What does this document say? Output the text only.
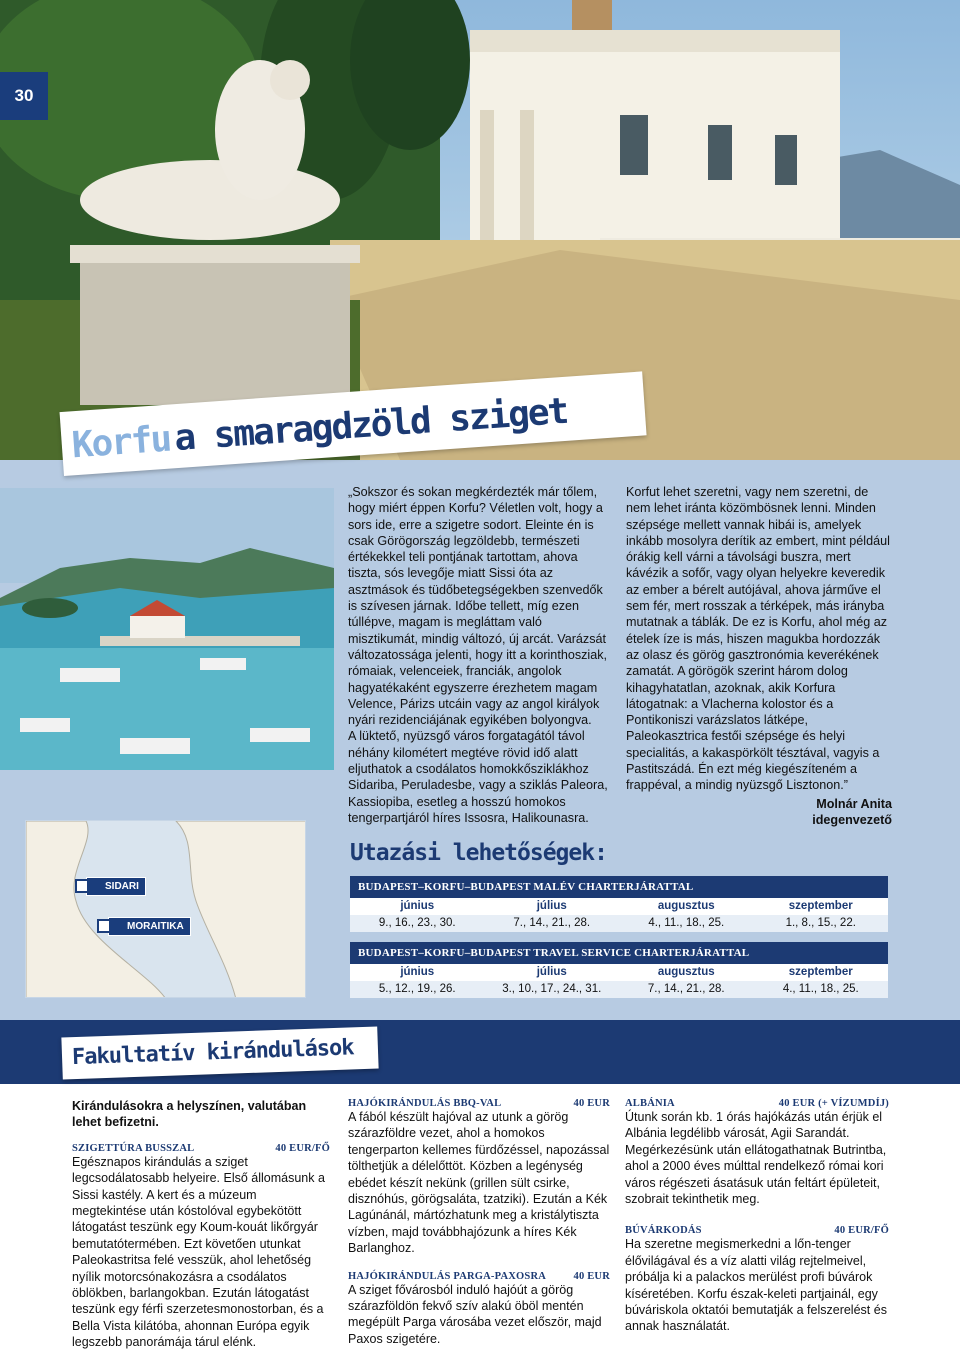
30
Korfu a smaragdzöld sziget

„Sokszor és sokan megkérdezték már tőlem, hogy miért éppen Korfu? Véletlen volt, hogy a sors ide, erre a szigetre sodort. Eleinte én is csak Görögország legzöldebb, természeti értékekkel teli pontjának tartottam, ahova tiszta, sós levegője miatt Sissi óta az asztmások és tüdőbetegségekben szenvedők is szívesen járnak. Időbe tellett, míg ezen túllépve, magam is megláttam való misztikumát, mindig változó, új arcát. Varázsát változatossága jelenti, hogy itt a korinthosziak, rómaiak, velenceiek, franciák, angolok hagyatékaként egyszerre érezhetem magam Velence, Párizs utcáin vagy az angol királyok nyári rezidenciájának egyikében bolyongva.

A lüktető, nyüzsgő város forgatagától távol néhány kilométert megtéve rövid idő alatt eljuthatok a csodálatos homokkősziklákhoz Sidariba, Peruladesbe, vagy a sziklás Paleora, Kassiopiba, esetleg a hosszú homokos tengerpartjáról híres Issosra, Halikounasra.

Korfut lehet szeretni, vagy nem szeretni, de nem lehet iránta közömbösnek lenni. Minden szépsége mellett vannak hibái is, amelyek inkább mosolyra derítik az embert, mint például órákig kell várni a távolsági buszra, mert kávézik a sofőr, vagy olyan helyekre keveredik az ember a bérelt autójával, ahova járműve el sem fér, mert rosszak a térképek, más irányba mutatnak a táblák. De ez is Korfu, ahol még az ételek íze is más, hiszen magukba hordozzák az olasz és görög gasztronómia keverékének zamatát. A görögök szerint három dolog kihagyhatatlan, azoknak, akik Korfura látogatnak: a Vlacherna kolostor és a Pontikoniszi varázslatos látképe, Paleokasztrica festői szépsége és helyi specialitás, a kakaspörkölt tésztával, vagyis a Pastitszádá. Én ezt még kiegészíteném a frappéval, a mindig nyüzsgő Lisztonon.”

Molnár Anita
idegenvezető
SIDARI
MORAITIKA
Utazási lehetőségek:
BUDAPEST–KORFU–BUDAPEST MALÉV CHARTERJÁRATTAL
június	július	augusztus	szeptember
9., 16., 23., 30.	7., 14., 21., 28.	4., 11., 18., 25.	1., 8., 15., 22.
BUDAPEST–KORFU–BUDAPEST TRAVEL SERVICE CHARTERJÁRATTAL
június	július	augusztus	szeptember
5., 12., 19., 26.	3., 10., 17., 24., 31.	7., 14., 21., 28.	4., 11., 18., 25.
Fakultatív kirándulások
Kirándulásokra a helyszínen, valutában lehet befizetni.
SZIGETTÚRA BUSSZAL	40 EUR/FŐ

Egésznapos kirándulás a sziget legcsodálatosabb helyeire. Első állomásunk a Sissi kastély. A kert és a múzeum megtekintése után kóstolóval egybekötött látogatást teszünk egy Koum-kouát likőrgyár bemutatótermében. Ezt követően utunkat Paleokastritsa felé vesszük, ahol lehetőség nyílik motorcsónakozásra a csodálatos öblökben, barlangokban. Ezután látogatást teszünk egy férfi szerzetesmonostorban, és a Bella Vista kilátóba, ahonnan Európa egyik legszebb panorámája tárul elénk.

HAJÓKIRÁNDULÁS BBQ-VAL	40 EUR

A fából készült hajóval az utunk a görög szárazföldre vezet, ahol a homokos tengerparton kellemes fürdőzéssel, napozással tölthetjük a délelőttöt. Közben a legénység ebédet készít nekünk (grillen sült csirke, disznóhús, görögsaláta, tzatziki). Ezután a Kék Lagúnánál, mártózhatunk meg a kristálytiszta vízben, majd továbbhajózunk a híres Kék Barlanghoz.

HAJÓKIRÁNDULÁS PARGA-PAXOSRA	40 EUR

A sziget fővárosból induló hajóút a görög szárazföldön fekvő szív alakú öböl mentén megépült Parga városába vezet először, majd Paxos szigetére.

ALBÁNIA	40 EUR (+ VÍZUMDÍJ)

Útunk során kb. 1 órás hajókázás után érjük el Albánia legdélibb városát, Agii Sarandát. Megérkezésünk után ellátogathatnak Butrintba, ahol a 2000 éves múlttal rendelkező római kori város régészeti ásatásuk után feltárt épületeit, szobrait tekinthetik meg.

BÚVÁRKODÁS	40 EUR/FŐ

Ha szeretne megismerkedni a lőn-tenger élővilágával és a víz alatti világ rejtelmeivel, próbálja ki a palackos merülést profi búvárok kíséretében. Korfu észak-keleti partjainál, egy búváriskola oktatói bemutatják a felszerelést és annak használatát.
